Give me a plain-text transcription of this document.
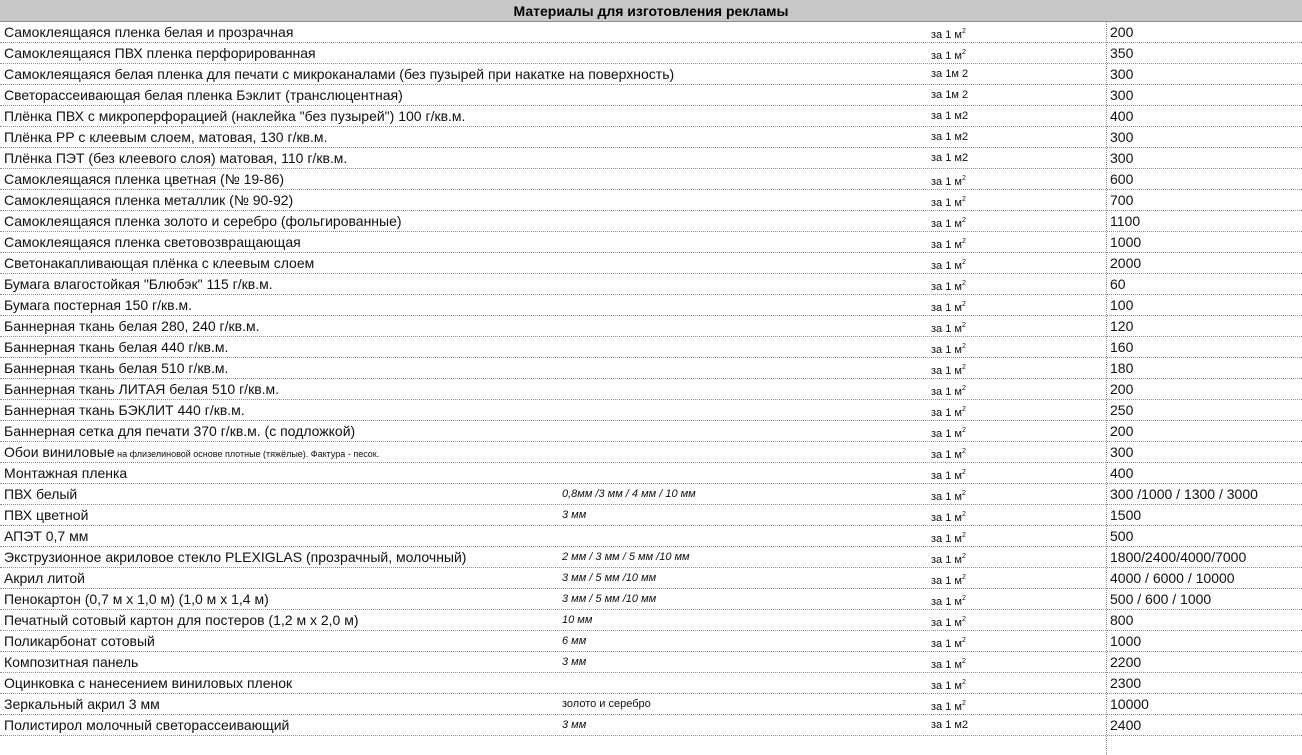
Материалы для изготовления рекламы
Самоклеящаяся пленка белая и прозрачная	за 1 $м^2$	200
Самоклеящаяся ПВХ пленка перфорированная	за 1 $м^2$	350
Самоклеящаяся белая пленка для печати с микроканалами (без пузырей при накатке на поверхность)	за 1м 2	300
Светорассеивающая белая пленка Бэклит (транслюцентная)	за 1м 2	300
Плёнка ПВХ с микроперфорацией (наклейка "без пузырей") 100 г/кв.м.	за 1 м2	400
Плёнка РР с клеевым слоем, матовая, 130 г/кв.м.	за 1 м2	300
Плёнка ПЭТ (без клеевого слоя) матовая, 110 г/кв.м.	за 1 м2	300
Самоклеящаяся пленка цветная (№ 19-86)	за 1 $м^2$	600
Самоклеящаяся пленка металлик (№ 90-92)	за 1 $м^2$	700
Самоклеящаяся пленка золото и серебро (фольгированные)	за 1 $м^2$	1100
Самоклеящаяся пленка световозвращающая	за 1 $м^2$	1000
Светонакапливающая плёнка с клеевым слоем	за 1 $м^2$	2000
Бумага влагостойкая "Блюбэк" 115 г/кв.м.	за 1 $м^2$	60
Бумага постерная 150 г/кв.м.	за 1 $м^2$	100
Баннерная ткань белая 280, 240 г/кв.м.	за 1 $м^2$	120
Баннерная ткань белая 440 г/кв.м.	за 1 $м^2$	160
Баннерная ткань белая 510 г/кв.м.	за 1 $м^2$	180
Баннерная ткань ЛИТАЯ белая 510 г/кв.м.	за 1 $м^2$	200
Баннерная ткань БЭКЛИТ 440 г/кв.м.	за 1 $м^2$	250
Баннерная сетка для печати 370 г/кв.м. (с подложкой)	за 1 $м^2$	200
Обои виниловые на флизелиновой основе плотные (тяжёлые). Фактура - песок.	за 1 $м^2$	300
Монтажная пленка	за 1 $м^2$	400
ПВХ белый	0,8мм /3 мм / 4 мм / 10 мм	за 1 $м^2$	300 /1000 / 1300 / 3000
ПВХ цветной	3 мм	за 1 $м^2$	1500
АПЭТ 0,7 мм	за 1 $м^2$	500
Экструзионное акриловое стекло PLEXIGLAS (прозрачный, молочный)	2 мм / 3 мм / 5 мм /10 мм	за 1 $м^2$	1800/2400/4000/7000
Акрил литой	3 мм / 5 мм /10 мм	за 1 $м^2$	4000 / 6000 / 10000
Пенокартон (0,7 м х 1,0 м) (1,0 м х 1,4 м)	3 мм / 5 мм /10 мм	за 1 $м^2$	500 / 600 / 1000
Печатный сотовый картон для постеров (1,2 м х 2,0 м)	10 мм	за 1 $м^2$	800
Поликарбонат сотовый	6 мм	за 1 $м^2$	1000
Композитная панель	3 мм	за 1 $м^2$	2200
Оцинковка с нанесением виниловых пленок	за 1 $м^2$	2300
Зеркальный акрил 3 мм	золото и серебро	за 1 $м^2$	10000
Полистирол молочный светорассеивающий	3 мм	за 1 м2	2400
